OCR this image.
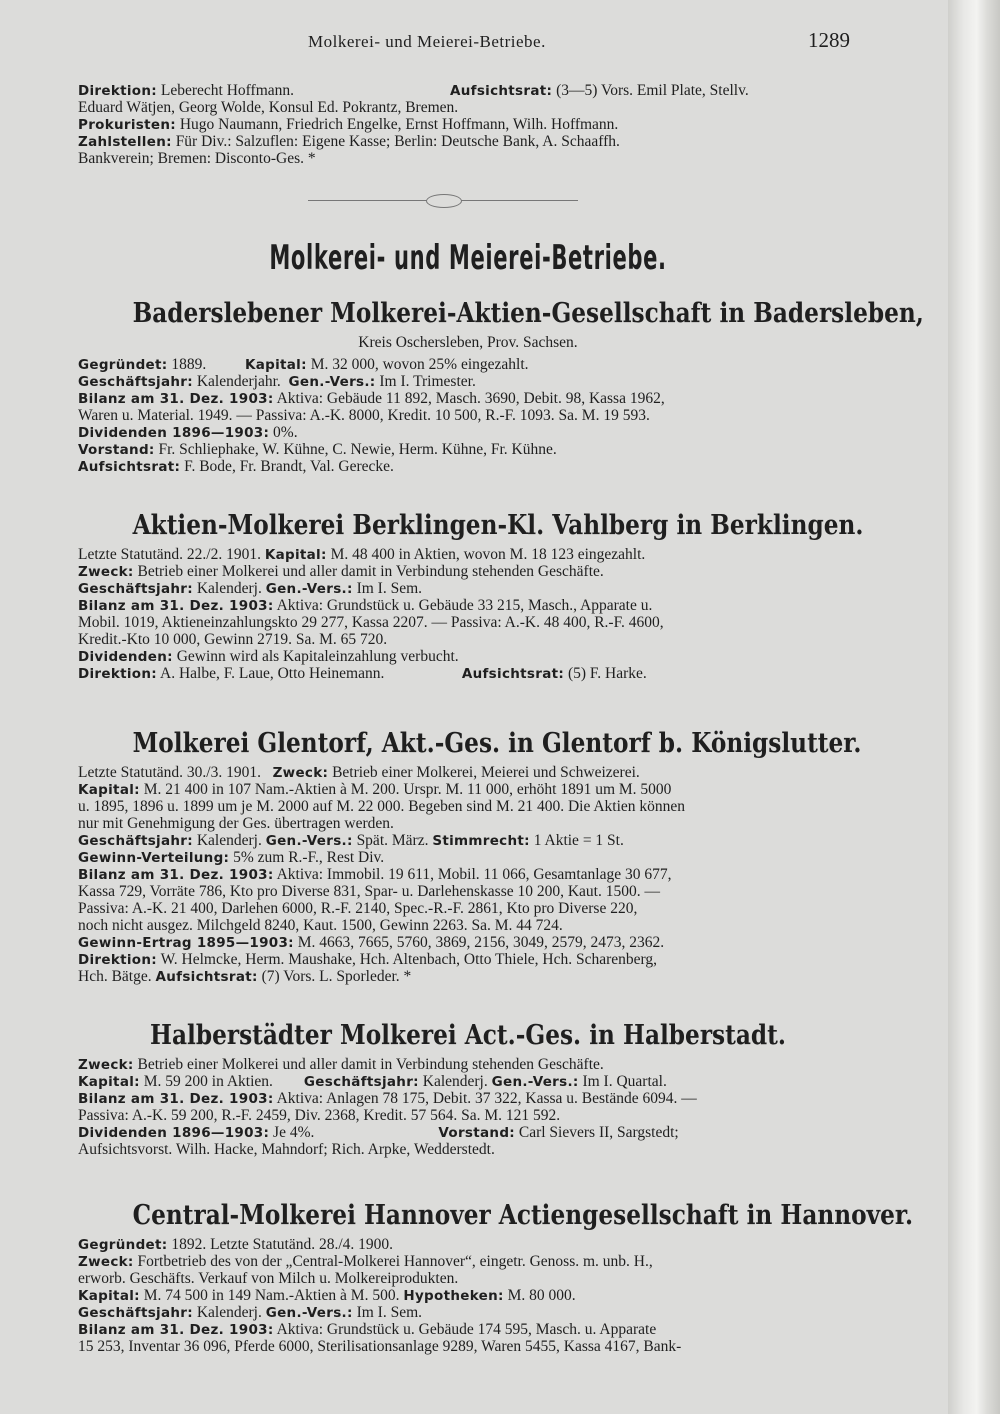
Molkerei- und Meierei-Betriebe.	1289
Direktion: Leberecht Hoffmann.	Aufsichtsrat: (3—5) Vors. Emil Plate, Stellv.
Eduard Wätjen, Georg Wolde, Konsul Ed. Pokrantz, Bremen.
Prokuristen: Hugo Naumann, Friedrich Engelke, Ernst Hoffmann, Wilh. Hoffmann.
Zahlstellen: Für Div.: Salzuflen: Eigene Kasse; Berlin: Deutsche Bank, A. Schaaffh.
Bankverein; Bremen: Disconto-Ges. *
Molkerei- und Meierei-Betriebe.
Baderslebener Molkerei-Aktien-Gesellschaft in Badersleben,
Kreis Oschersleben, Prov. Sachsen.
Gegründet: 1889.          Kapital: M. 32 000, wovon 25% eingezahlt.
Geschäftsjahr: Kalenderjahr.  Gen.-Vers.: Im I. Trimester.
Bilanz am 31. Dez. 1903: Aktiva: Gebäude 11 892, Masch. 3690, Debit. 98, Kassa 1962,
Waren u. Material. 1949. — Passiva: A.-K. 8000, Kredit. 10 500, R.-F. 1093. Sa. M. 19 593.
Dividenden 1896—1903: 0%.
Vorstand: Fr. Schliephake, W. Kühne, C. Newie, Herm. Kühne, Fr. Kühne.
Aufsichtsrat: F. Bode, Fr. Brandt, Val. Gerecke.
Aktien-Molkerei Berklingen-Kl. Vahlberg in Berklingen.
Letzte Statutänd. 22./2. 1901. Kapital: M. 48 400 in Aktien, wovon M. 18 123 eingezahlt.
Zweck: Betrieb einer Molkerei und aller damit in Verbindung stehenden Geschäfte.
Geschäftsjahr: Kalenderj. Gen.-Vers.: Im I. Sem.
Bilanz am 31. Dez. 1903: Aktiva: Grundstück u. Gebäude 33 215, Masch., Apparate u.
Mobil. 1019, Aktieneinzahlungskto 29 277, Kassa 2207. — Passiva: A.-K. 48 400, R.-F. 4600,
Kredit.-Kto 10 000, Gewinn 2719. Sa. M. 65 720.
Dividenden: Gewinn wird als Kapitaleinzahlung verbucht.
Direktion: A. Halbe, F. Laue, Otto Heinemann.                    Aufsichtsrat: (5) F. Harke.
Molkerei Glentorf, Akt.-Ges. in Glentorf b. Königslutter.
Letzte Statutänd. 30./3. 1901.   Zweck: Betrieb einer Molkerei, Meierei und Schweizerei.
Kapital: M. 21 400 in 107 Nam.-Aktien à M. 200. Urspr. M. 11 000, erhöht 1891 um M. 5000
u. 1895, 1896 u. 1899 um je M. 2000 auf M. 22 000. Begeben sind M. 21 400. Die Aktien können
nur mit Genehmigung der Ges. übertragen werden.
Geschäftsjahr: Kalenderj. Gen.-Vers.: Spät. März. Stimmrecht: 1 Aktie = 1 St.
Gewinn-Verteilung: 5% zum R.-F., Rest Div.
Bilanz am 31. Dez. 1903: Aktiva: Immobil. 19 611, Mobil. 11 066, Gesamtanlage 30 677,
Kassa 729, Vorräte 786, Kto pro Diverse 831, Spar- u. Darlehenskasse 10 200, Kaut. 1500. —
Passiva: A.-K. 21 400, Darlehen 6000, R.-F. 2140, Spec.-R.-F. 2861, Kto pro Diverse 220,
noch nicht ausgez. Milchgeld 8240, Kaut. 1500, Gewinn 2263. Sa. M. 44 724.
Gewinn-Ertrag 1895—1903: M. 4663, 7665, 5760, 3869, 2156, 3049, 2579, 2473, 2362.
Direktion: W. Helmcke, Herm. Maushake, Hch. Altenbach, Otto Thiele, Hch. Scharenberg,
Hch. Bätge. Aufsichtsrat: (7) Vors. L. Sporleder. *
Halberstädter Molkerei Act.-Ges. in Halberstadt.
Zweck: Betrieb einer Molkerei und aller damit in Verbindung stehenden Geschäfte.
Kapital: M. 59 200 in Aktien.        Geschäftsjahr: Kalenderj. Gen.-Vers.: Im I. Quartal.
Bilanz am 31. Dez. 1903: Aktiva: Anlagen 78 175, Debit. 37 322, Kassa u. Bestände 6094. —
Passiva: A.-K. 59 200, R.-F. 2459, Div. 2368, Kredit. 57 564. Sa. M. 121 592.
Dividenden 1896—1903: Je 4%.                                Vorstand: Carl Sievers II, Sargstedt;
Aufsichtsvorst. Wilh. Hacke, Mahndorf; Rich. Arpke, Wedderstedt.
Central-Molkerei Hannover Actiengesellschaft in Hannover.
Gegründet: 1892. Letzte Statutänd. 28./4. 1900.
Zweck: Fortbetrieb des von der „Central-Molkerei Hannover“, eingetr. Genoss. m. unb. H.,
erworb. Geschäfts. Verkauf von Milch u. Molkereiprodukten.
Kapital: M. 74 500 in 149 Nam.-Aktien à M. 500. Hypotheken: M. 80 000.
Geschäftsjahr: Kalenderj. Gen.-Vers.: Im I. Sem.
Bilanz am 31. Dez. 1903: Aktiva: Grundstück u. Gebäude 174 595, Masch. u. Apparate
15 253, Inventar 36 096, Pferde 6000, Sterilisationsanlage 9289, Waren 5455, Kassa 4167, Bank-
